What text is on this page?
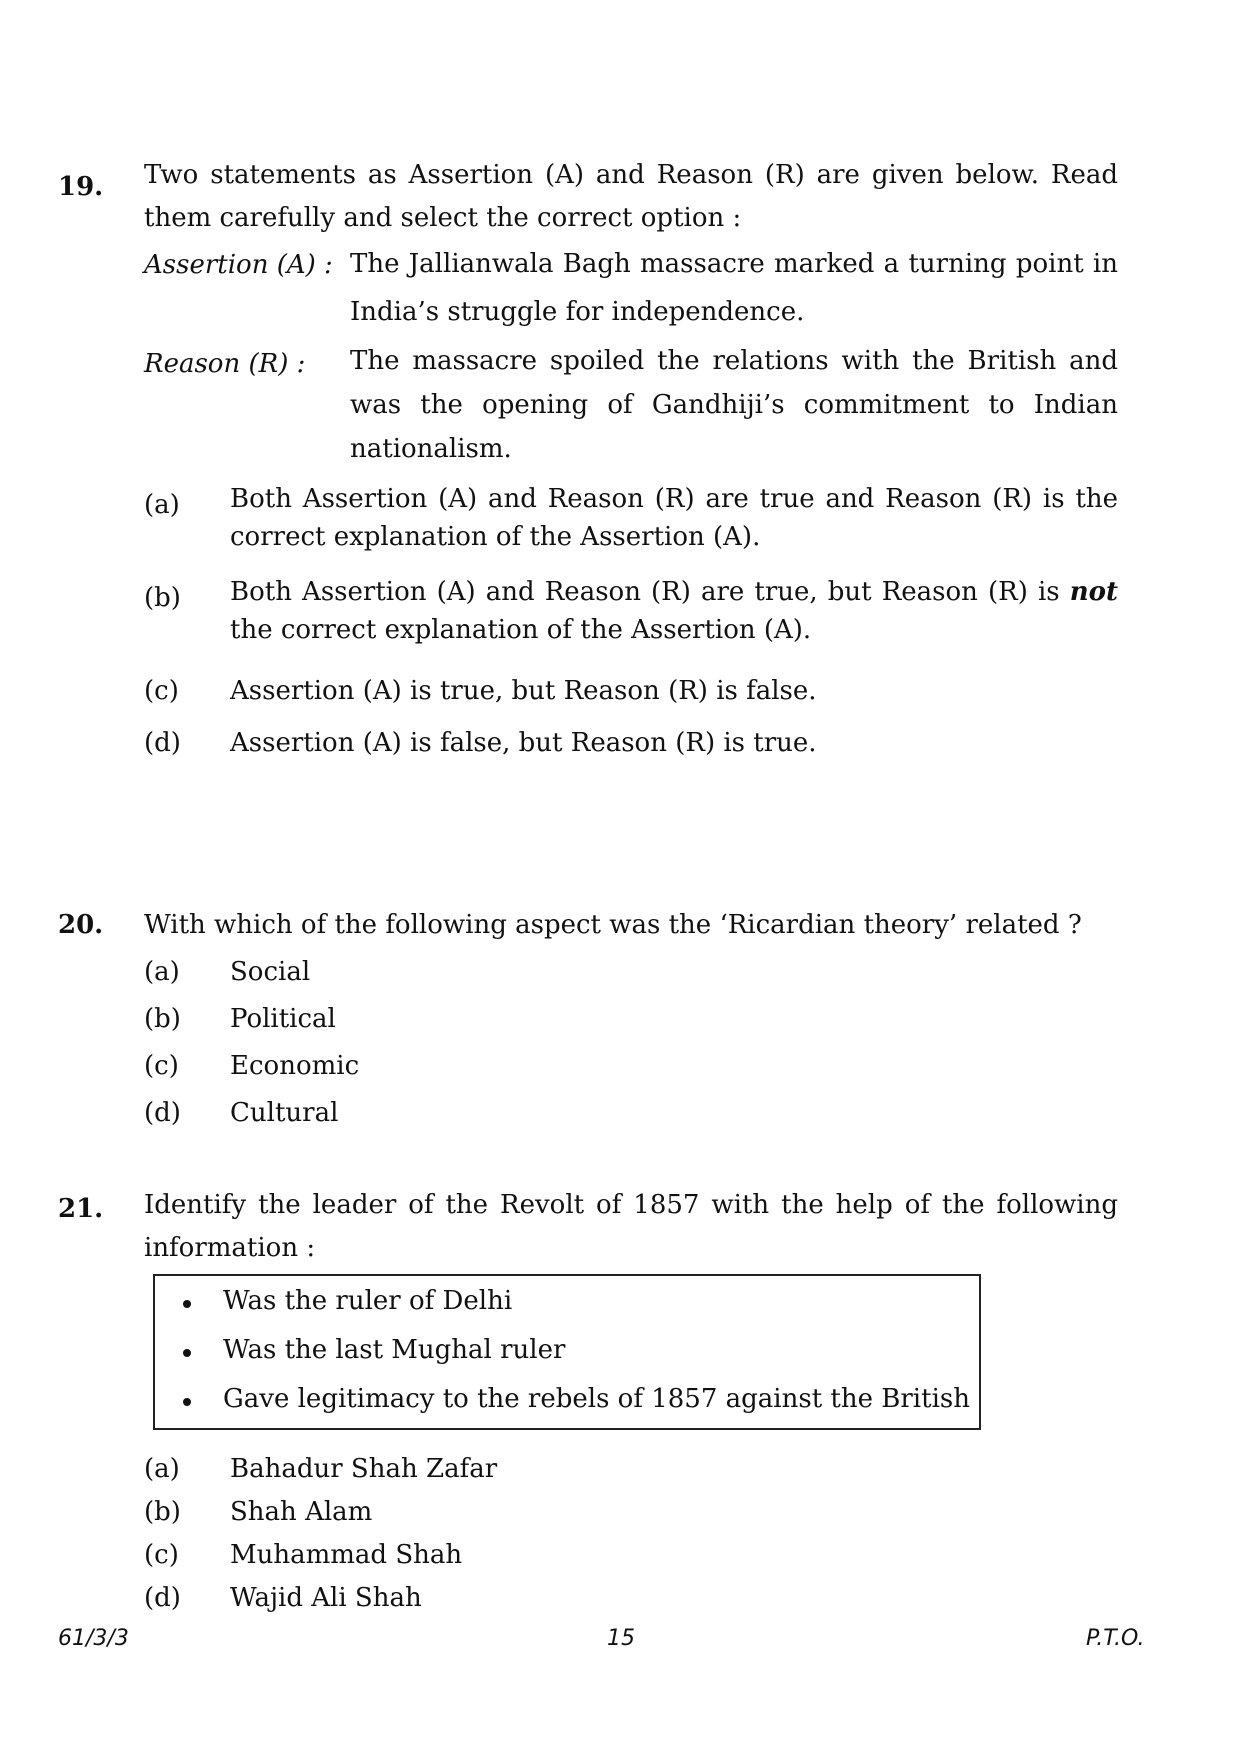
19. Two statements as Assertion (A) and Reason (R) are given below. Read them carefully and select the correct option :
Assertion (A) : The Jallianwala Bagh massacre marked a turning point in India’s struggle for independence.
Reason (R) : The massacre spoiled the relations with the British and was the opening of Gandhiji’s commitment to Indian nationalism.
(a) Both Assertion (A) and Reason (R) are true and Reason (R) is the correct explanation of the Assertion (A).
(b) Both Assertion (A) and Reason (R) are true, but Reason (R) is not the correct explanation of the Assertion (A).
(c) Assertion (A) is true, but Reason (R) is false.
(d) Assertion (A) is false, but Reason (R) is true.
20. With which of the following aspect was the ‘Ricardian theory’ related ?
(a) Social
(b) Political
(c) Economic
(d) Cultural
21. Identify the leader of the Revolt of 1857 with the help of the following information :
Was the ruler of Delhi
Was the last Mughal ruler
Gave legitimacy to the rebels of 1857 against the British
(a) Bahadur Shah Zafar
(b) Shah Alam
(c) Muhammad Shah
(d) Wajid Ali Shah
61/3/3	15	P.T.O.
